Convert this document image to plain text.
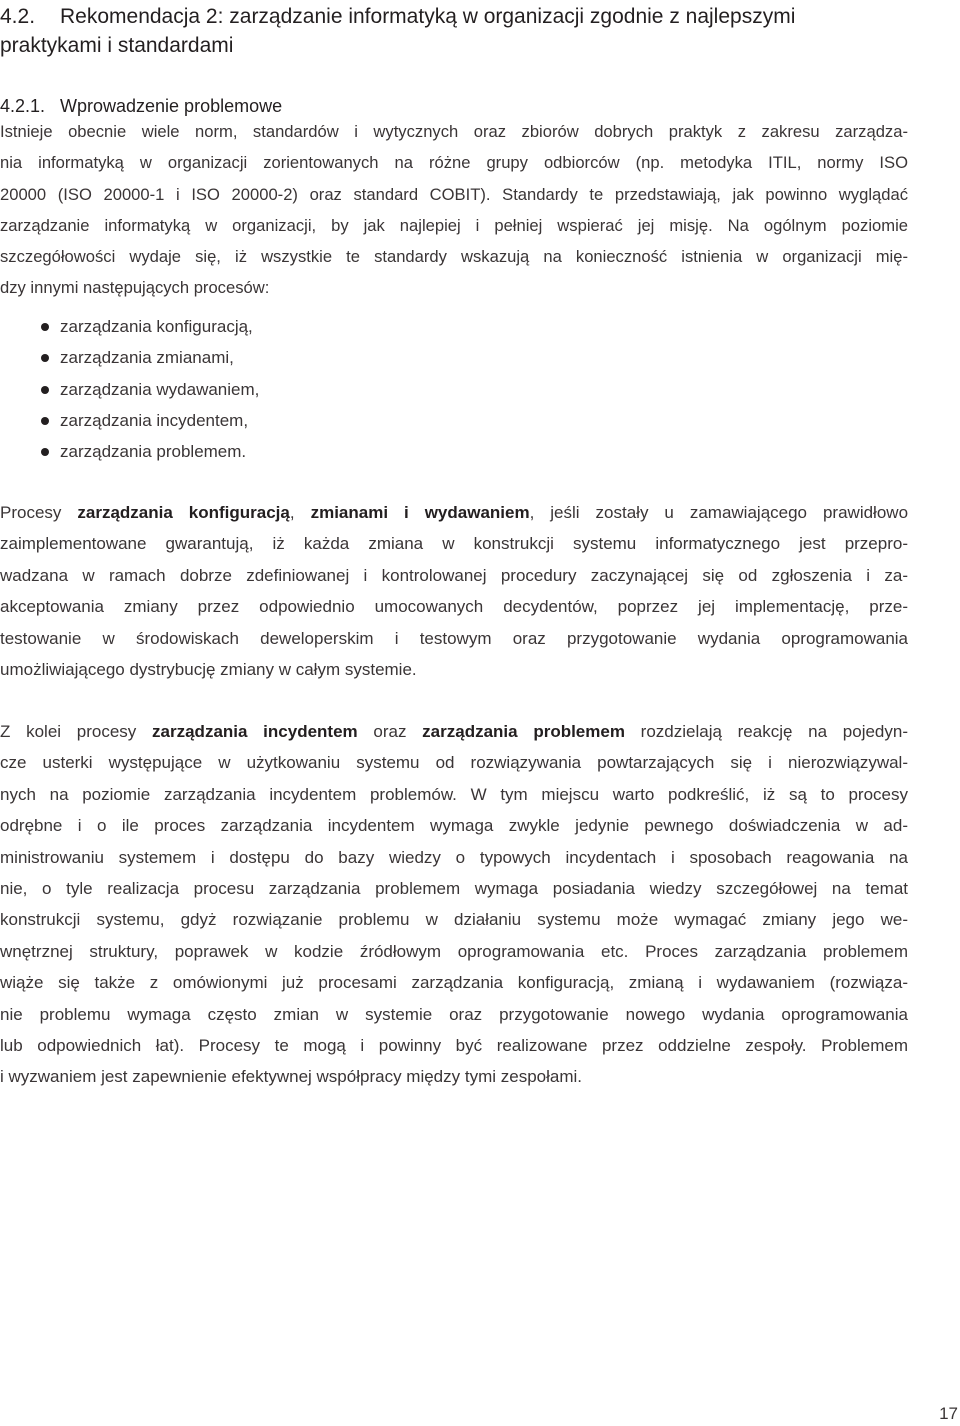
4.2. Rekomendacja 2: zarządzanie informatyką w organizacji zgodnie z najlepszymi
praktykami i standardami
4.2.1. Wprowadzenie problemowe

Istnieje obecnie wiele norm, standardów i wytycznych oraz zbiorów dobrych praktyk z zakresu zarządza-
nia informatyką w organizacji zorientowanych na różne grupy odbiorców (np. metodyka ITIL, normy ISO
20000 (ISO 20000-1 i ISO 20000-2) oraz standard COBIT). Standardy te przedstawiają, jak powinno wyglądać
zarządzanie informatyką w organizacji, by jak najlepiej i pełniej wspierać jej misję. Na ogólnym poziomie
szczegółowości wydaje się, iż wszystkie te standardy wskazują na konieczność istnienia w organizacji mię-
dzy innymi następujących procesów:

zarządzania konfiguracją,
zarządzania zmianami,
zarządzania wydawaniem,
zarządzania incydentem,
zarządzania problemem.

Procesy zarządzania konfiguracją, zmianami i wydawaniem, jeśli zostały u zamawiającego prawidłowo
zaimplementowane gwarantują, iż każda zmiana w konstrukcji systemu informatycznego jest przepro-
wadzana w ramach dobrze zdefiniowanej i kontrolowanej procedury zaczynającej się od zgłoszenia i za-
akceptowania zmiany przez odpowiednio umocowanych decydentów, poprzez jej implementację, prze-
testowanie w środowiskach deweloperskim i testowym oraz przygotowanie wydania oprogramowania
umożliwiającego dystrybucję zmiany w całym systemie.

Z kolei procesy zarządzania incydentem oraz zarządzania problemem rozdzielają reakcję na pojedyn-
cze usterki występujące w użytkowaniu systemu od rozwiązywania powtarzających się i nierozwiązywal-
nych na poziomie zarządzania incydentem problemów. W tym miejscu warto podkreślić, iż są to procesy
odrębne i o ile proces zarządzania incydentem wymaga zwykle jedynie pewnego doświadczenia w ad-
ministrowaniu systemem i dostępu do bazy wiedzy o typowych incydentach i sposobach reagowania na
nie, o tyle realizacja procesu zarządzania problemem wymaga posiadania wiedzy szczegółowej na temat
konstrukcji systemu, gdyż rozwiązanie problemu w działaniu systemu może wymagać zmiany jego we-
wnętrznej struktury, poprawek w kodzie źródłowym oprogramowania etc. Proces zarządzania problemem
wiąże się także z omówionymi już procesami zarządzania konfiguracją, zmianą i wydawaniem (rozwiąza-
nie problemu wymaga często zmian w systemie oraz przygotowanie nowego wydania oprogramowania
lub odpowiednich łat). Procesy te mogą i powinny być realizowane przez oddzielne zespoły. Problemem
i wyzwaniem jest zapewnienie efektywnej współpracy między tymi zespołami.

17
